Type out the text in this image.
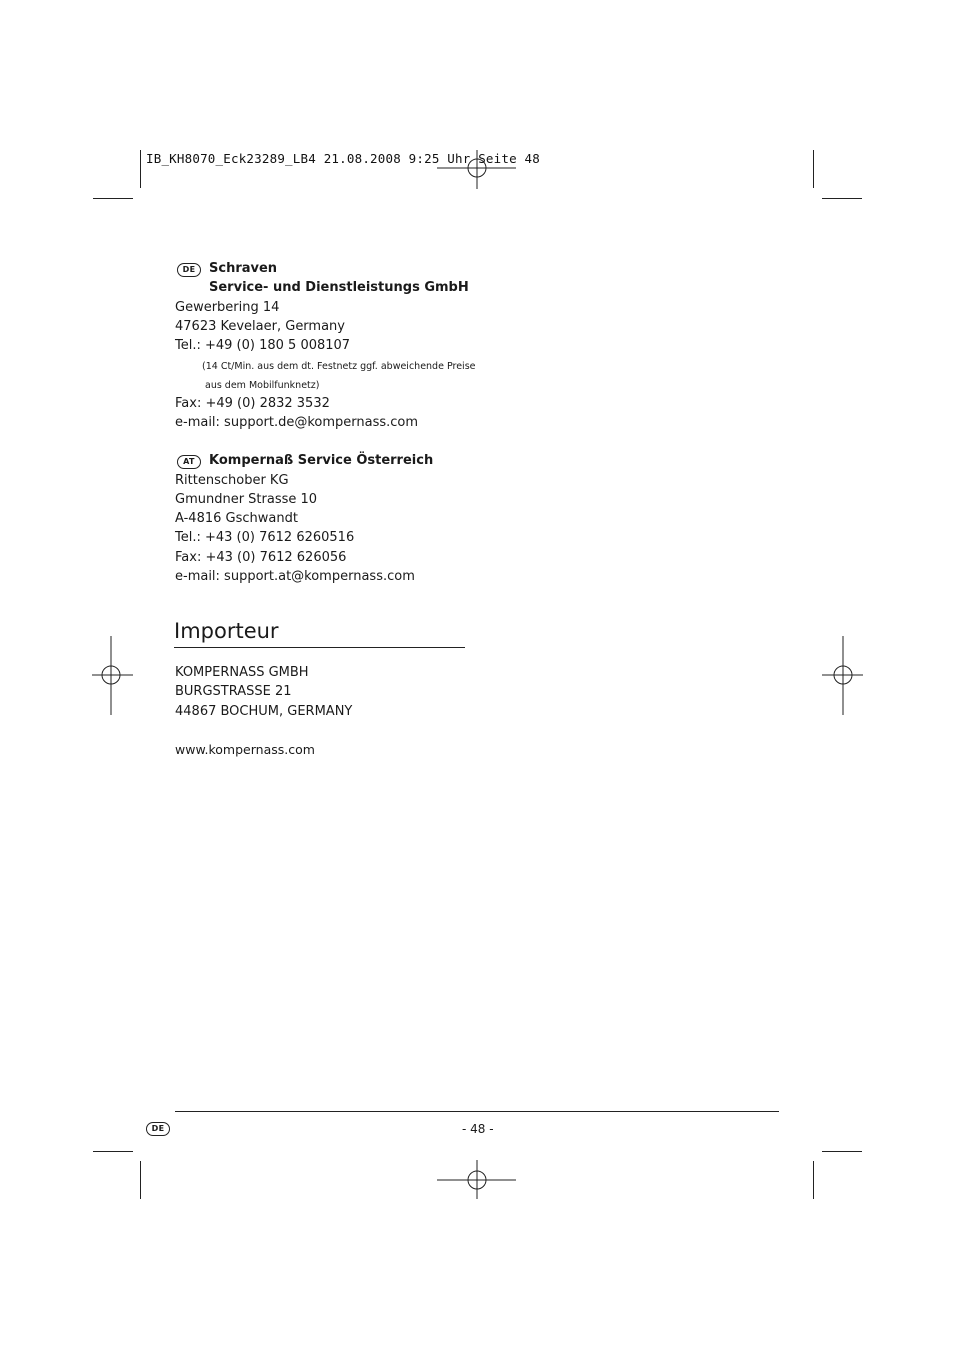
IB_KH8070_Eck23289_LB4 21.08.2008 9:25 Uhr Seite 48
DE	Schraven
Service- und Dienstleistungs GmbH
Gewerbering 14
47623 Kevelaer, Germany
Tel.: +49 (0) 180 5 008107
(14 Ct/Min. aus dem dt. Festnetz ggf. abweichende Preise
aus dem Mobilfunknetz)
Fax: +49 (0) 2832 3532
e-mail: support.de@kompernass.com
AT	Kompernaß Service Österreich
Rittenschober KG
Gmundner Strasse 10
A-4816 Gschwandt
Tel.: +43 (0) 7612 6260516
Fax: +43 (0) 7612 626056
e-mail: support.at@kompernass.com
Importeur
KOMPERNASS GMBH
BURGSTRASSE 21
44867 BOCHUM, GERMANY
www.kompernass.com
DE	- 48 -
